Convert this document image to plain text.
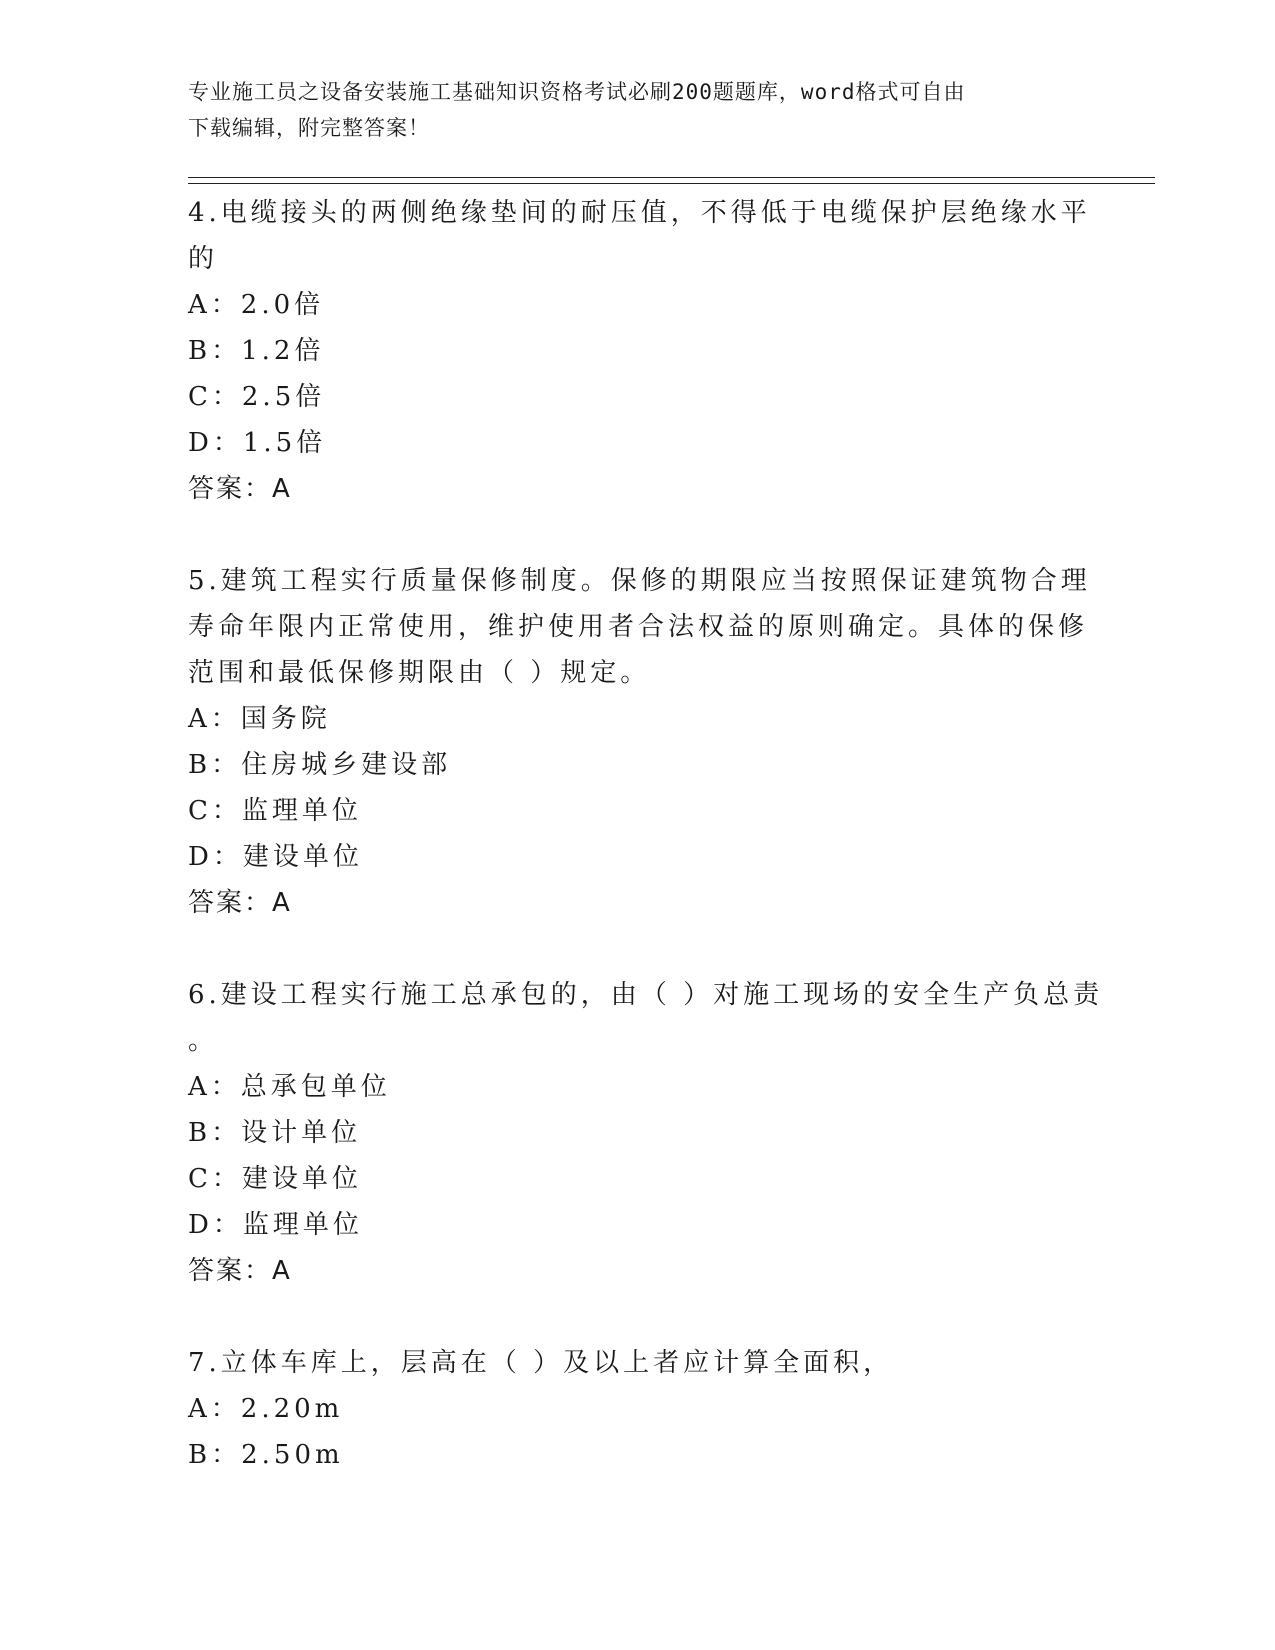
专业施工员之设备安装施工基础知识资格考试必刷200题题库，word格式可自由
下载编辑，附完整答案！
4.电缆接头的两侧绝缘垫间的耐压值，不得低于电缆保护层绝缘水平
的
A：2.0倍
B：1.2倍
C：2.5倍
D：1.5倍
答案：A
5.建筑工程实行质量保修制度。保修的期限应当按照保证建筑物合理
寿命年限内正常使用，维护使用者合法权益的原则确定。具体的保修
范围和最低保修期限由（ ）规定。
A：国务院
B：住房城乡建设部
C：监理单位
D：建设单位
答案：A
6.建设工程实行施工总承包的，由（ ）对施工现场的安全生产负总责
。
A：总承包单位
B：设计单位
C：建设单位
D：监理单位
答案：A
7.立体车库上，层高在（ ）及以上者应计算全面积，
A：2.20m
B：2.50m
